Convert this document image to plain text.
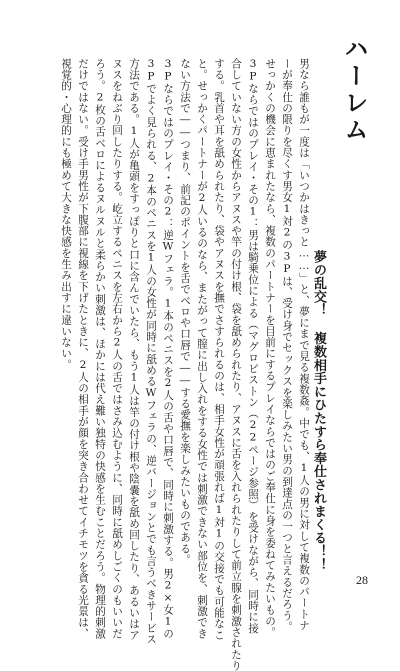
ハーレム
夢の乱交！ 複数相手にひたすら奉仕されまくる！！
男なら誰もが一度は「いつかはきっと……」と、夢にまで見る複数姦。中でも、1人の男に対して複数のパートナ
ーが奉仕の限りを尽くす男女1対2の3Pは、受け身でセックスを楽しみたい男の到達点の一つと言えるだろう。
せっかくの機会に恵まれたなら、複数のパートナーを目前にするプレイならではのご奉仕に身を委ねてみたいもの。
3Pならではのプレイ・その1：男は騎乗位による（マグロピストン（22ページ参照）を受けながら、同時に接
合していない方の女性からアヌスや竿の付け根、袋を舐められたり、アヌスに舌を入れられたりして前立腺を刺激されたり
する。乳首や耳を舐められたり、袋やアヌスを撫でさすられるのは、相手女性が頑張れば1対1の交接でも可能なこ
と。せっかくパートナーが2人いるのなら、またがって膣に出し入れをする女性では刺激できない部位を、刺激でき
ない方法で――つまり、前記のポイントを舌でベロや口唇で――する愛撫を楽しみたいものである。
3Pならではのプレイ・その2：逆Wフェラ。1本のペニスを2人の舌や口唇で、同時に刺激する。男2×女1の
3Pでよく見られる、2本のペニスを1人の女性が同時に舐めるWフェラの、逆バージョンとでも言うべきサービス
方法である。1人が亀頭をすっぽりと口に含んでいたら、もう1人は竿の付け根や陰嚢を舐め回したり、あるいはア
ヌスをねぶり回したりする。屹立するペニスを左右から2人の舌ではさみ込むように、同時に舐めしごくのもいいだ
ろう。2枚の舌ベロによるヌルヌルと柔らかい刺激は、ほかには代え難い独特の快感を生むことだろう。物理的刺激
だけではない。受け手男性が下腹部に視線を下げたときに、2人の相手が顔を突き合わせてイチモツを貪る光景は、
視覚的・心理的にも極めて大きな快感を生み出すに違いない。
28
